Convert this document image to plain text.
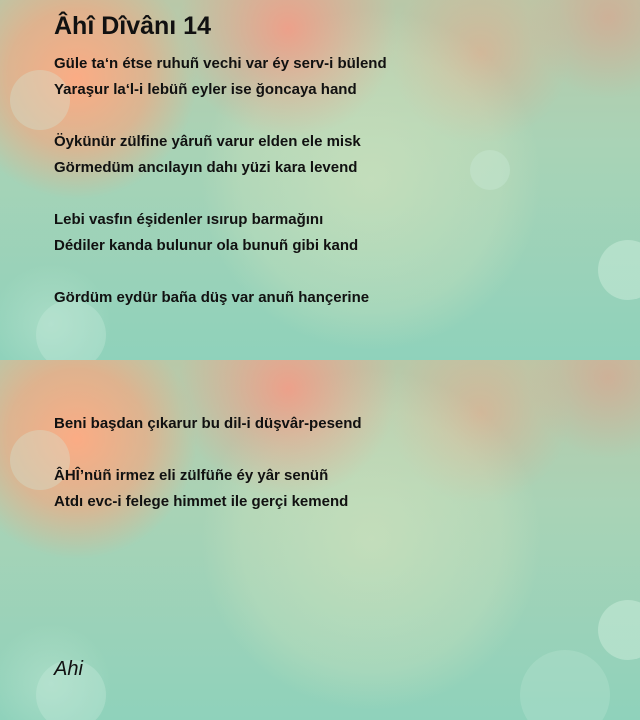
Âhî Dîvânı 14

Güle ta‘n étse ruhuñ vechi var éy serv-i bülend
Yaraşur la‘l-i lebüñ eyler ise ğoncaya hand

Öykünür zülfine yâruñ varur elden ele misk
Görmedüm ancılayın dahı yüzi kara levend

Lebi vasfın éşidenler ısırup barmağını
Dédiler kanda bulunur ola bunuñ gibi kand

Gördüm eydür baña düş var anuñ hançerine

Beni başdan çıkarur bu dil-i düşvâr-pesend

ÂHÎ’nüñ irmez eli zülfüñe éy yâr senüñ
Atdı evc-i felege himmet ile gerçi kemend

Ahi
